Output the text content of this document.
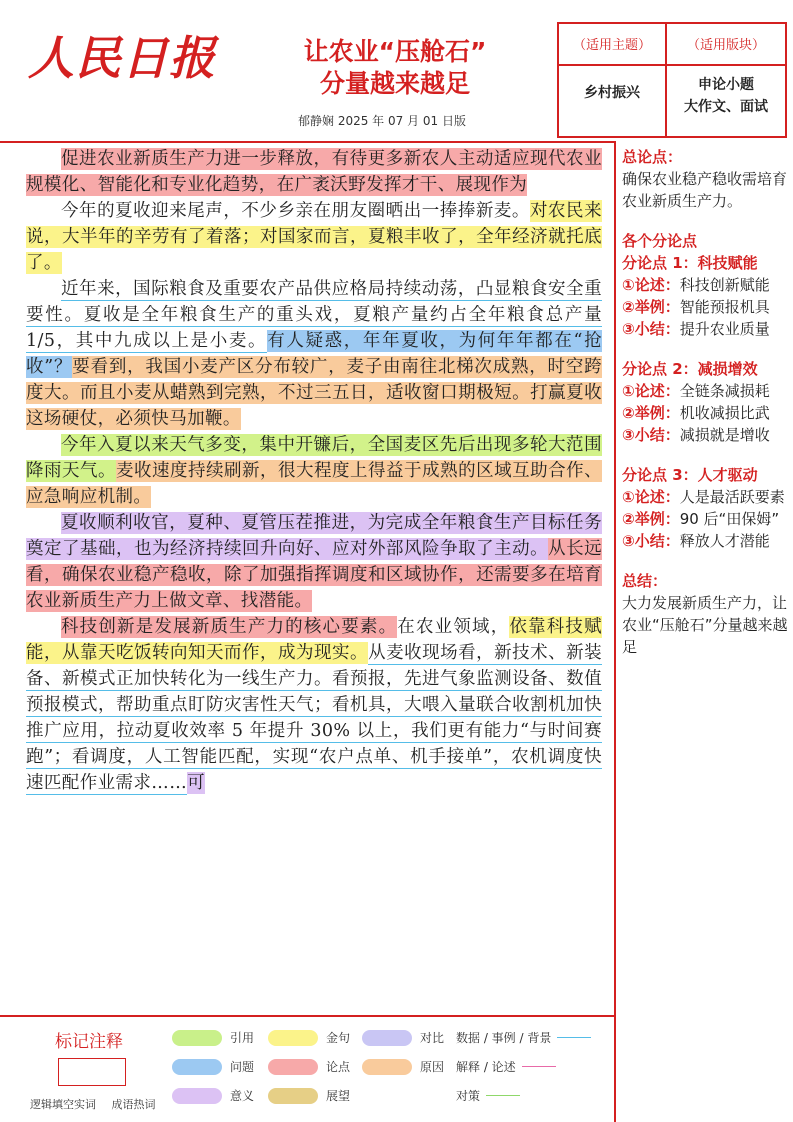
人民日报	让农业“压舱石”
分量越来越足
郁静娴 2025 年 07 月 01 日版
（适用主题）	（适用版块）
乡村振兴	申论小题
大作文、面试

促进农业新质生产力进一步释放，有待更多新农人主动适应现代农业规模化、智能化和专业化趋势，在广袤沃野发挥才干、展现作为

今年的夏收迎来尾声，不少乡亲在朋友圈晒出一捧捧新麦。对农民来说，大半年的辛劳有了着落；对国家而言，夏粮丰收了，全年经济就托底了。

近年来，国际粮食及重要农产品供应格局持续动荡，凸显粮食安全重要性。夏收是全年粮食生产的重头戏，夏粮产量约占全年粮食总产量 1/5，其中九成以上是小麦。有人疑惑，年年夏收，为何年年都在“抢收”？要看到，我国小麦产区分布较广，麦子由南往北梯次成熟，时空跨度大。而且小麦从蜡熟到完熟，不过三五日，适收窗口期极短。打赢夏收这场硬仗，必须快马加鞭。

今年入夏以来天气多变，集中开镰后，全国麦区先后出现多轮大范围降雨天气。麦收速度持续刷新，很大程度上得益于成熟的区域互助合作、应急响应机制。

夏收顺利收官，夏种、夏管压茬推进，为完成全年粮食生产目标任务奠定了基础，也为经济持续回升向好、应对外部风险争取了主动。从长远看，确保农业稳产稳收，除了加强指挥调度和区域协作，还需要多在培育农业新质生产力上做文章、找潜能。

科技创新是发展新质生产力的核心要素。在农业领域，依靠科技赋能，从靠天吃饭转向知天而作，成为现实。从麦收现场看，新技术、新装备、新模式正加快转化为一线生产力。看预报，先进气象监测设备、数值预报模式，帮助重点盯防灾害性天气；看机具，大喂入量联合收割机加快推广应用，拉动夏收效率 5 年提升 30% 以上，我们更有能力“与时间赛跑”；看调度，人工智能匹配，实现“农户点单、机手接单”，农机调度快速匹配作业需求……可

总论点：
确保农业稳产稳收需培育农业新质生产力。
各个分论点
分论点 1：科技赋能
①论述：科技创新赋能
②举例：智能预报机具
③小结：提升农业质量
分论点 2：减损增效
①论述：全链条减损耗
②举例：机收减损比武
③小结：减损就是增收
分论点 3：人才驱动
①论述：人是最活跃要素
②举例：90 后“田保姆”
③小结：释放人才潜能
总结：
大力发展新质生产力，让农业“压舱石”分量越来越足
标记注释
逻辑填空实词 成语热词
引用	金句	对比
问题	论点	原因
意义	展望
数据 / 事例 / 背景
解释 / 论述
对策
